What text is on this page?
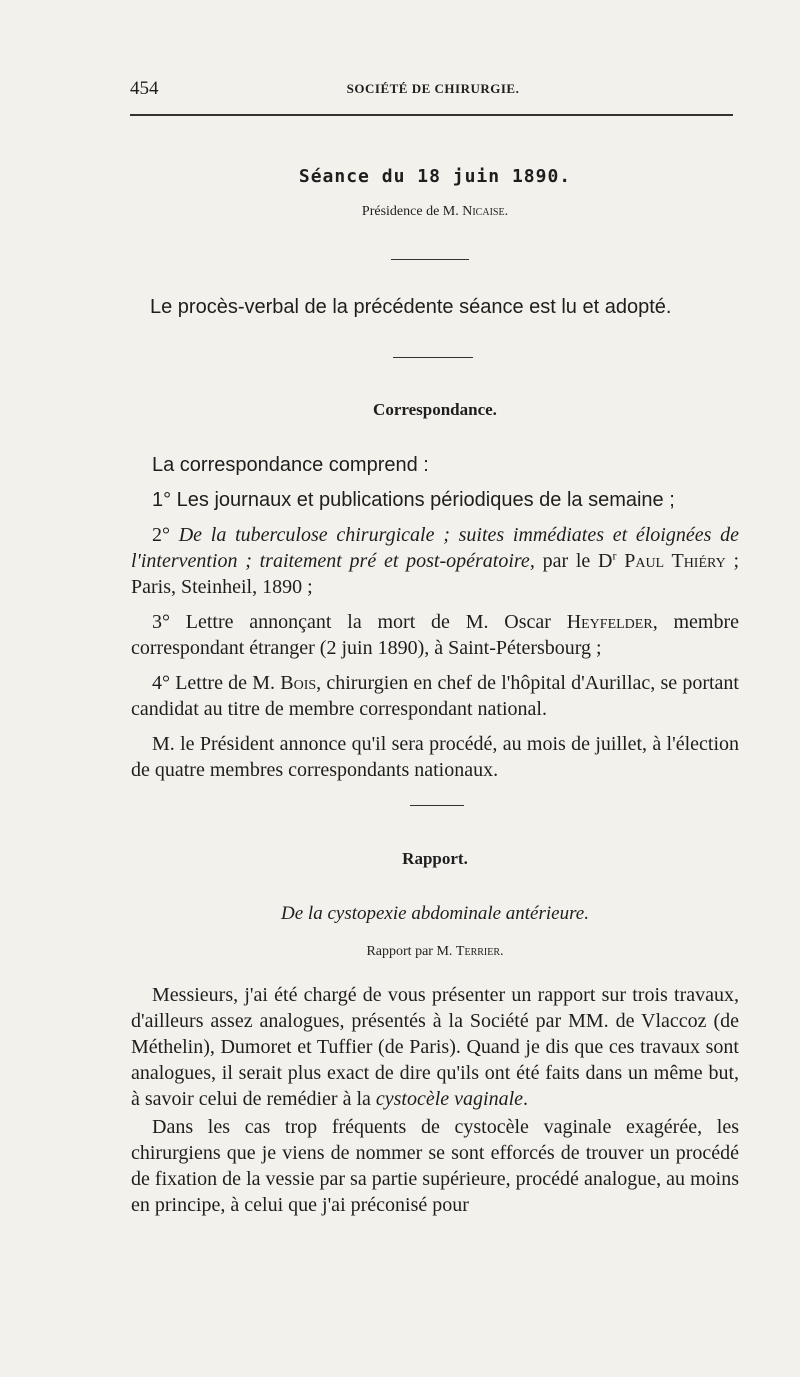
454	SOCIÉTÉ DE CHIRURGIE.
Séance du 18 juin 1890.
Présidence de M. Nicaise.
Le procès-verbal de la précédente séance est lu et adopté.
Correspondance.

La correspondance comprend :

1° Les journaux et publications périodiques de la semaine ;

2° De la tuberculose chirurgicale ; suites immédiates et éloignées de l'intervention ; traitement pré et post-opératoire, par le $D^r$ Paul Thiéry ; Paris, Steinheil, 1890 ;

3° Lettre annonçant la mort de M. Oscar Heyfelder, membre correspondant étranger (2 juin 1890), à Saint-Pétersbourg ;

4° Lettre de M. Bois, chirurgien en chef de l'hôpital d'Aurillac, se portant candidat au titre de membre correspondant national.

M. le Président annonce qu'il sera procédé, au mois de juillet, à l'élection de quatre membres correspondants nationaux.

Rapport.
De la cystopexie abdominale antérieure.
Rapport par M. Terrier.

Messieurs, j'ai été chargé de vous présenter un rapport sur trois travaux, d'ailleurs assez analogues, présentés à la Société par MM. de Vlaccoz (de Méthelin), Dumoret et Tuffier (de Paris). Quand je dis que ces travaux sont analogues, il serait plus exact de dire qu'ils ont été faits dans un même but, à savoir celui de remédier à la cystocèle vaginale.

Dans les cas trop fréquents de cystocèle vaginale exagérée, les chirurgiens que je viens de nommer se sont efforcés de trouver un procédé de fixation de la vessie par sa partie supérieure, procédé analogue, au moins en principe, à celui que j'ai préconisé pour
